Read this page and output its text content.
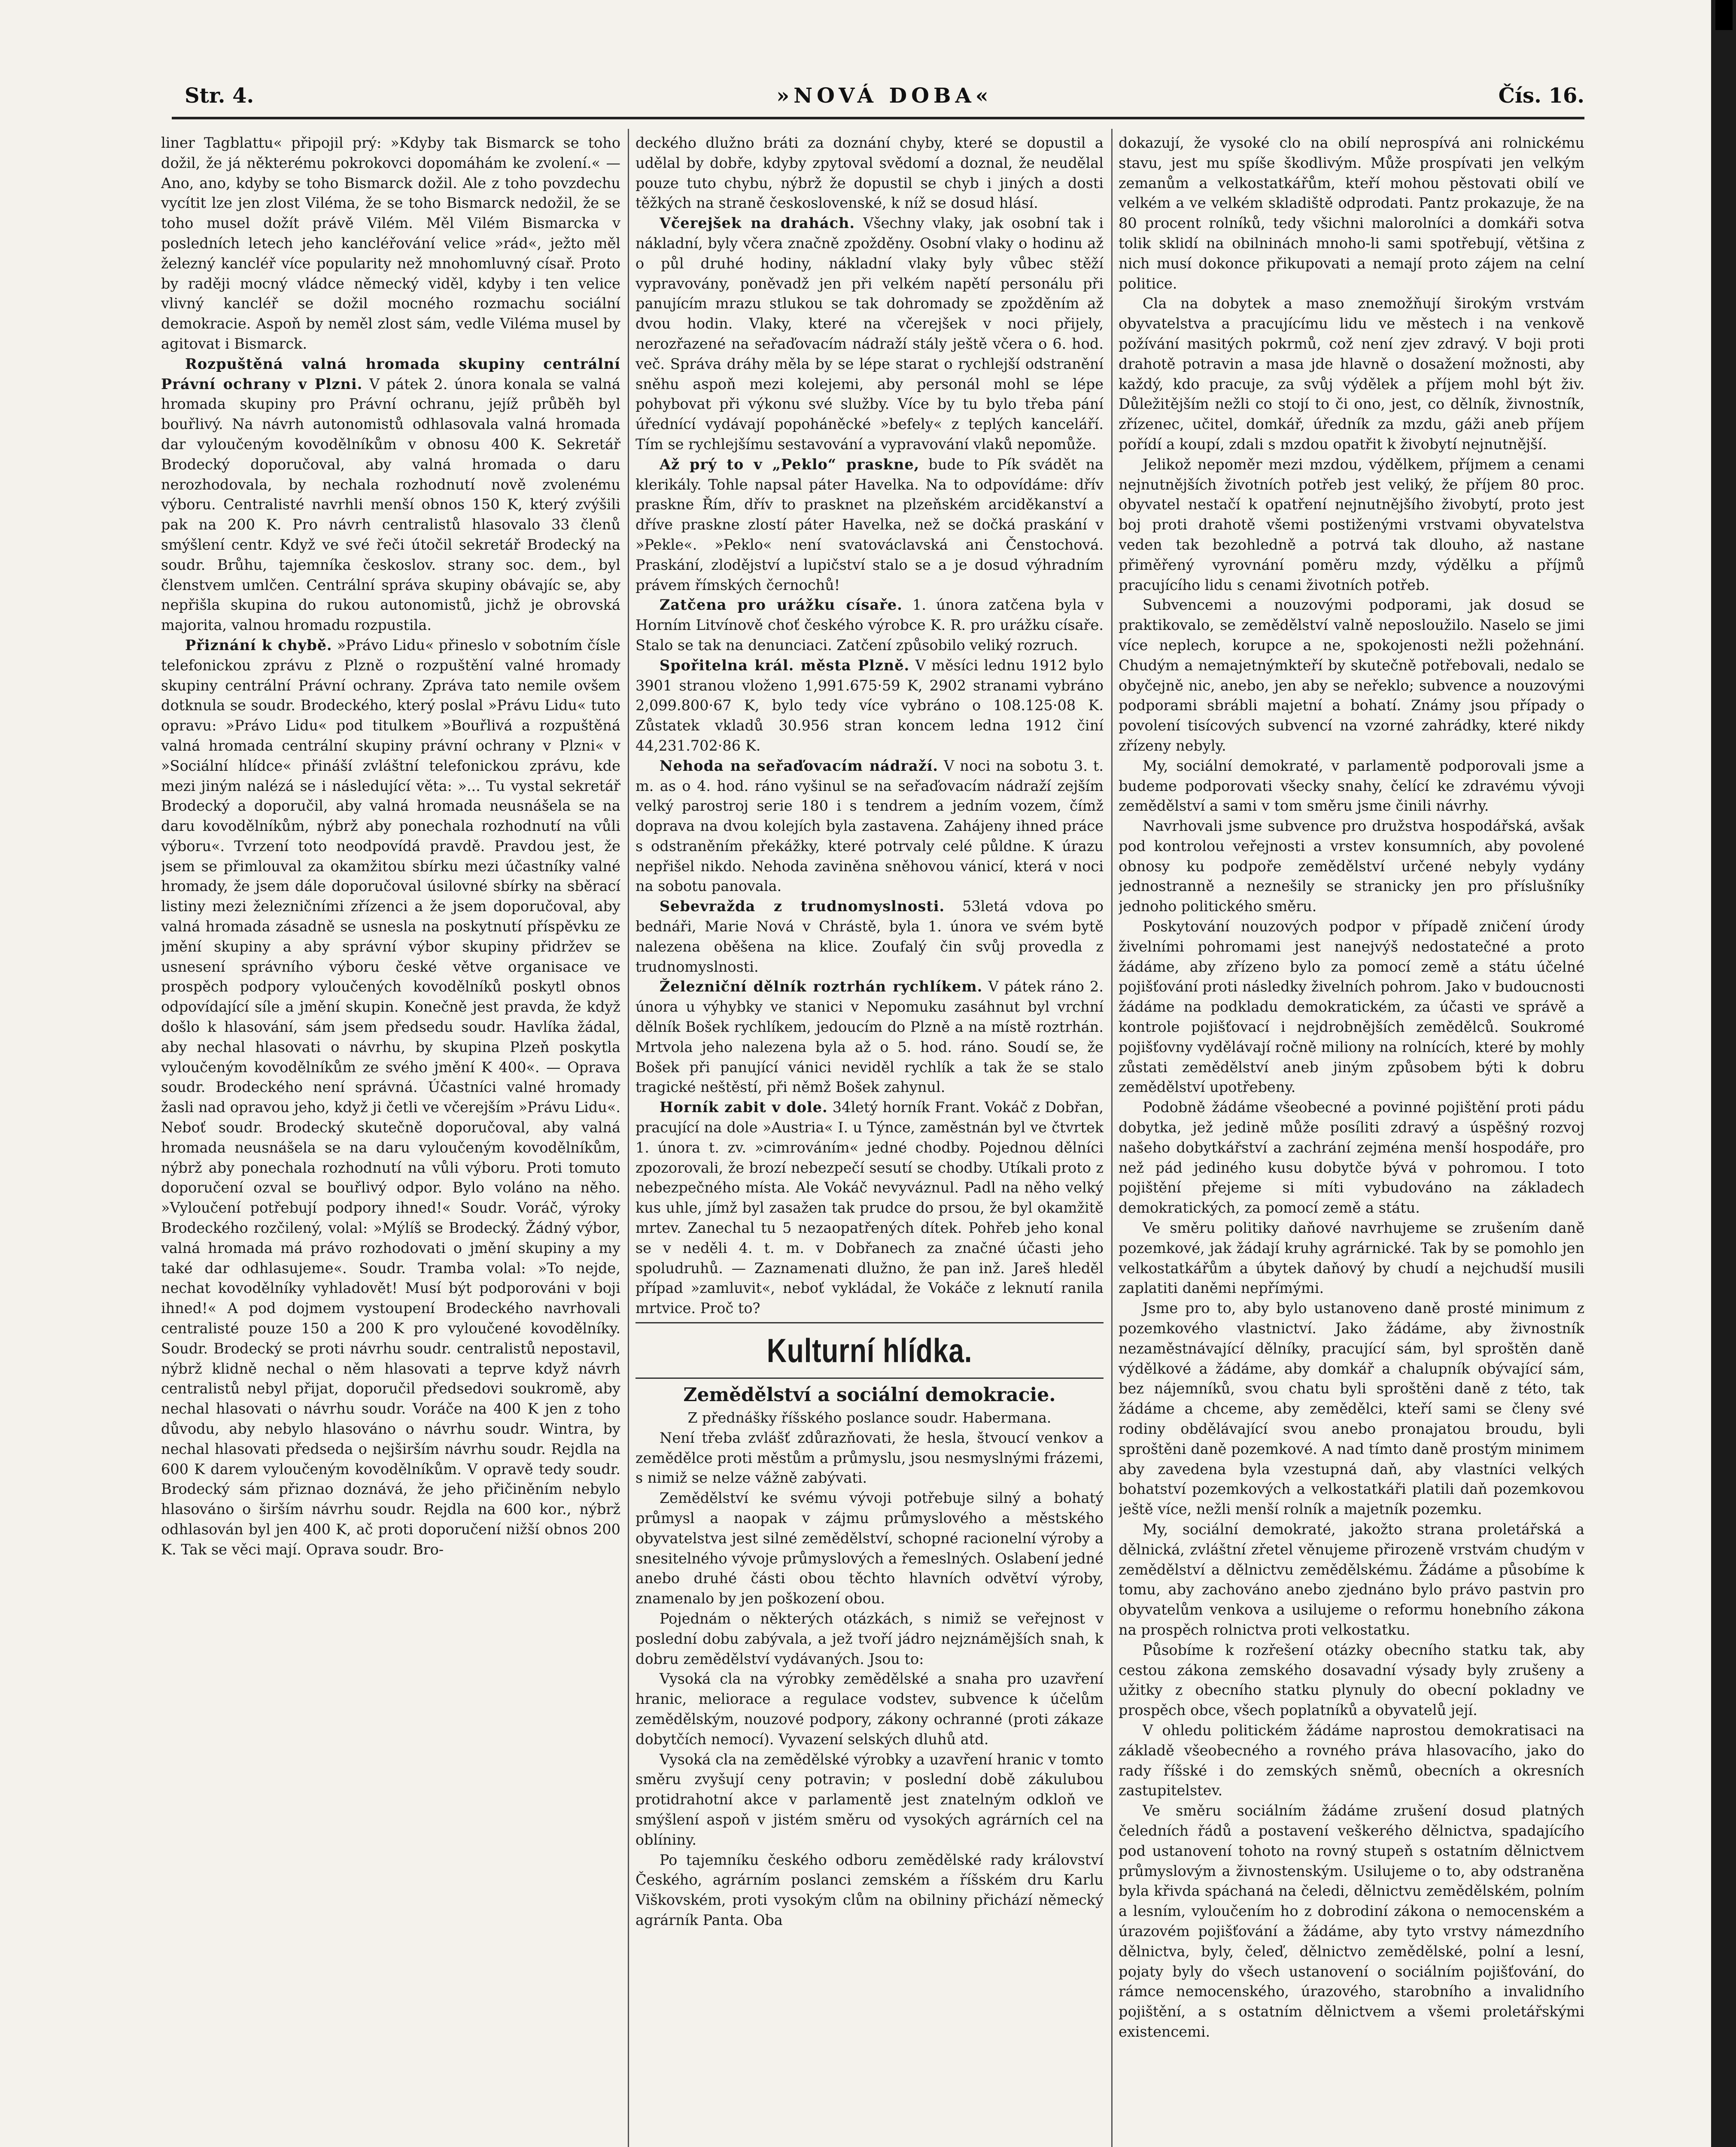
Str. 4.	»NOVÁ DOBA«	Čís. 16.

liner Tagblattu« připojil prý: »Kdyby tak Bismarck se toho dožil, že já některému pokrokovci dopomáhám ke zvolení.« — Ano, ano, kdyby se toho Bismarck dožil. Ale z toho povzdechu vycítit lze jen zlost Viléma, že se toho Bismarck nedožil, že se toho musel dožít právě Vilém. Měl Vilém Bismarcka v posledních letech jeho kancléřování velice »rád«, ježto měl železný kancléř více popularity než mnohomluvný císař. Proto by raději mocný vládce německý viděl, kdyby i ten velice vlivný kancléř se dožil mocného rozmachu sociální demokracie. Aspoň by neměl zlost sám, vedle Viléma musel by agitovat i Bismarck.

Rozpuštěná valná hromada skupiny centrální Právní ochrany v Plzni. V pátek 2. února konala se valná hromada skupiny pro Právní ochranu, jejíž průběh byl bouřlivý. Na návrh autonomistů odhlasovala valná hromada dar vyloučeným kovodělníkům v obnosu 400 K. Sekretář Brodecký doporučoval, aby valná hromada o daru nerozhodovala, by nechala rozhodnutí nově zvolenému výboru. Centralisté navrhli menší obnos 150 K, který zvýšili pak na 200 K. Pro návrh centralistů hlasovalo 33 členů smýšlení centr. Když ve své řeči útočil sekretář Brodecký na soudr. Brůhu, tajemníka českoslov. strany soc. dem., byl členstvem umlčen. Centrální správa skupiny obávajíc se, aby nepřišla skupina do rukou autonomistů, jichž je obrovská majorita, valnou hromadu rozpustila.

Přiznání k chybě. »Právo Lidu« přineslo v sobotním čísle telefonickou zprávu z Plzně o rozpuštění valné hromady skupiny centrální Právní ochrany. Zpráva tato nemile ovšem dotknula se soudr. Brodeckého, který poslal »Právu Lidu« tuto opravu: »Právo Lidu« pod titulkem »Bouřlivá a rozpuštěná valná hromada centrální skupiny právní ochrany v Plzni« v »Sociální hlídce« přináší zvláštní telefonickou zprávu, kde mezi jiným nalézá se i následující věta: »... Tu vystal sekretář Brodecký a doporučil, aby valná hromada neusnášela se na daru kovodělníkům, nýbrž aby ponechala rozhodnutí na vůli výboru«. Tvrzení toto neodpovídá pravdě. Pravdou jest, že jsem se přimlouval za okamžitou sbírku mezi účastníky valné hromady, že jsem dále doporučoval úsilovné sbírky na sběrací listiny mezi železničními zřízenci a že jsem doporučoval, aby valná hromada zásadně se usnesla na poskytnutí příspěvku ze jmění skupiny a aby správní výbor skupiny přidržev se usnesení správního výboru české větve organisace ve prospěch podpory vyloučených kovodělníků poskytl obnos odpovídající síle a jmění skupin. Konečně jest pravda, že když došlo k hlasování, sám jsem předsedu soudr. Havlíka žádal, aby nechal hlasovati o návrhu, by skupina Plzeň poskytla vyloučeným kovodělníkům ze svého jmění K 400«. — Oprava soudr. Brodeckého není správná. Účastníci valné hromady žasli nad opravou jeho, když ji četli ve včerejším »Právu Lidu«. Neboť soudr. Brodecký skutečně doporučoval, aby valná hromada neusnášela se na daru vyloučeným kovodělníkům, nýbrž aby ponechala rozhodnutí na vůli výboru. Proti tomuto doporučení ozval se bouřlivý odpor. Bylo voláno na něho. »Vyloučení potřebují podpory ihned!« Soudr. Voráč, výroky Brodeckého rozčilený, volal: »Mýlíš se Brodecký. Žádný výbor, valná hromada má právo rozhodovati o jmění skupiny a my také dar odhlasujeme«. Soudr. Tramba volal: »To nejde, nechat kovodělníky vyhladovět! Musí být podporováni v boji ihned!« A pod dojmem vystoupení Brodeckého navrhovali centralisté pouze 150 a 200 K pro vyloučené kovodělníky. Soudr. Brodecký se proti návrhu soudr. centralistů nepostavil, nýbrž klidně nechal o něm hlasovati a teprve když návrh centralistů nebyl přijat, doporučil předsedovi soukromě, aby nechal hlasovati o návrhu soudr. Voráče na 400 K jen z toho důvodu, aby nebylo hlasováno o návrhu soudr. Wintra, by nechal hlasovati předseda o nejširším návrhu soudr. Rejdla na 600 K darem vyloučeným kovodělníkům. V opravě tedy soudr. Brodecký sám přiznao doznává, že jeho přičiněním nebylo hlasováno o širším návrhu soudr. Rejdla na 600 kor., nýbrž odhlasován byl jen 400 K, ač proti doporučení nižší obnos 200 K. Tak se věci mají. Oprava soudr. Bro-

deckého dlužno bráti za doznání chyby, které se dopustil a udělal by dobře, kdyby zpytoval svědomí a doznal, že neudělal pouze tuto chybu, nýbrž že dopustil se chyb i jiných a dosti těžkých na straně československé, k níž se dosud hlásí.

Včerejšek na drahách. Všechny vlaky, jak osobní tak i nákladní, byly včera značně zpožděny. Osobní vlaky o hodinu až o půl druhé hodiny, nákladní vlaky byly vůbec stěží vypravovány, poněvadž jen při velkém napětí personálu při panujícím mrazu stlukou se tak dohromady se zpožděním až dvou hodin. Vlaky, které na včerejšek v noci přijely, nerozřazené na seřaďovacím nádraží stály ještě včera o 6. hod. več. Správa dráhy měla by se lépe starat o rychlejší odstranění sněhu aspoň mezi kolejemi, aby personál mohl se lépe pohybovat při výkonu své služby. Více by tu bylo třeba pání úřednící vydávají popoháněcké »befely« z teplých kanceláří. Tím se rychlejšímu sestavování a vypravování vlaků nepomůže.

Až prý to v „Peklo“ praskne, bude to Pík svádět na klerikály. Tohle napsal páter Havelka. Na to odpovídáme: dřív praskne Řím, dřív to prasknet na plzeňském arciděkanství a dříve praskne zlostí páter Havelka, než se dočká praskání v »Pekle«. »Peklo« není svatováclavská ani Čenstochová. Praskání, zlodějství a lupičství stalo se a je dosud výhradním právem římských černochů!

Zatčena pro urážku císaře. 1. února zatčena byla v Horním Litvínově choť českého výrobce K. R. pro urážku císaře. Stalo se tak na denunciaci. Zatčení způsobilo veliký rozruch.

Spořitelna král. města Plzně. V měsíci lednu 1912 bylo 3901 stranou vloženo 1,991.675·59 K, 2902 stranami vybráno 2,099.800·67 K, bylo tedy více vybráno o 108.125·08 K. Zůstatek vkladů 30.956 stran koncem ledna 1912 činí 44,231.702·86 K.

Nehoda na seřaďovacím nádraží. V noci na sobotu 3. t. m. as o 4. hod. ráno vyšinul se na seřaďovacím nádraží zejším velký parostroj serie 180 i s tendrem a jedním vozem, čímž doprava na dvou kolejích byla zastavena. Zahájeny ihned práce s odstraněním překážky, které potrvaly celé půldne. K úrazu nepřišel nikdo. Nehoda zaviněna sněhovou vánicí, která v noci na sobotu panovala.

Sebevražda z trudnomyslnosti. 53letá vdova po bednáři, Marie Nová v Chrástě, byla 1. února ve svém bytě nalezena oběšena na klice. Zoufalý čin svůj provedla z trudnomyslnosti.

Železniční dělník roztrhán rychlíkem. V pátek ráno 2. února u výhybky ve stanici v Nepomuku zasáhnut byl vrchní dělník Bošek rychlíkem, jedoucím do Plzně a na místě roztrhán. Mrtvola jeho nalezena byla až o 5. hod. ráno. Soudí se, že Bošek při panující vánici neviděl rychlík a tak že se stalo tragické neštěstí, při němž Bošek zahynul.

Horník zabit v dole. 34letý horník Frant. Vokáč z Dobřan, pracující na dole »Austria« I. u Týnce, zaměstnán byl ve čtvrtek 1. února t. zv. »cimrováním« jedné chodby. Pojednou dělníci zpozorovali, že brozí nebezpečí sesutí se chodby. Utíkali proto z nebezpečného místa. Ale Vokáč nevyváznul. Padl na něho velký kus uhle, jímž byl zasažen tak prudce do prsou, že byl okamžitě mrtev. Zanechal tu 5 nezaopatřených dítek. Pohřeb jeho konal se v neděli 4. t. m. v Dobřanech za značné účasti jeho spoludruhů. — Zaznamenati dlužno, že pan inž. Jareš hleděl případ »zamluvit«, neboť vykládal, že Vokáče z leknutí ranila mrtvice. Proč to?

Kulturní hlídka.
Zemědělství a sociální demokracie.
Z přednášky říšského poslance soudr. Habermana.

Není třeba zvlášť zdůrazňovati, že hesla, štvoucí venkov a zemědělce proti městům a průmyslu, jsou nesmyslnými frázemi, s nimiž se nelze vážně zabývati.

Zemědělství ke svému vývoji potřebuje silný a bohatý průmysl a naopak v zájmu průmyslového a městského obyvatelstva jest silné zemědělství, schopné racionelní výroby a snesitelného vývoje průmyslových a řemeslných. Oslabení jedné anebo druhé části obou těchto hlavních odvětví výroby, znamenalo by jen poškození obou.

Pojednám o některých otázkách, s nimiž se veřejnost v poslední dobu zabývala, a jež tvoří jádro nejznámějších snah, k dobru zemědělství vydávaných. Jsou to:

Vysoká cla na výrobky zemědělské a snaha pro uzavření hranic, meliorace a regulace vodstev, subvence k účelům zemědělským, nouzové podpory, zákony ochranné (proti zákaze dobytčích nemocí). Vyvazení selských dluhů atd.

Vysoká cla na zemědělské výrobky a uzavření hranic v tomto směru zvyšují ceny potravin; v poslední době zákulubou protidrahotní akce v parlamentě jest znatelným odkloň ve smýšlení aspoň v jistém směru od vysokých agrárních cel na oblíniny.

Po tajemníku českého odboru zemědělské rady království Českého, agrárním poslanci zemském a říšském dru Karlu Viškovském, proti vysokým clům na obilniny přichází německý agrárník Panta. Oba

dokazují, že vysoké clo na obilí neprospívá ani rolnickému stavu, jest mu spíše škodlivým. Může prospívati jen velkým zemanům a velkostatkářům, kteří mohou pěstovati obilí ve velkém a ve velkém skladiště odprodati. Pantz prokazuje, že na 80 procent rolníků, tedy všichni malorolníci a domkáři sotva tolik sklidí na obilninách mnoho-li sami spotřebují, většina z nich musí dokonce přikupovati a nemají proto zájem na celní politice.

Cla na dobytek a maso znemožňují širokým vrstvám obyvatelstva a pracujícímu lidu ve městech i na venkově požívání masitých pokrmů, což není zjev zdravý. V boji proti drahotě potravin a masa jde hlavně o dosažení možnosti, aby každý, kdo pracuje, za svůj výdělek a příjem mohl být živ. Důležitějším nežli co stojí to či ono, jest, co dělník, živnostník, zřízenec, učitel, domkář, úředník za mzdu, gáži aneb příjem pořídí a koupí, zdali s mzdou opatřit k živobytí nejnutnější.

Jelikož nepoměr mezi mzdou, výdělkem, příjmem a cenami nejnutnějších životních potřeb jest veliký, že příjem 80 proc. obyvatel nestačí k opatření nejnutnějšího živobytí, proto jest boj proti drahotě všemi postiženými vrstvami obyvatelstva veden tak bezohledně a potrvá tak dlouho, až nastane přiměřený vyrovnání poměru mzdy, výdělku a příjmů pracujícího lidu s cenami životních potřeb.

Subvencemi a nouzovými podporami, jak dosud se praktikovalo, se zemědělství valně neposloužilo. Naselo se jimi více neplech, korupce a ne, spokojenosti nežli požehnání. Chudým a nemajetnýmkteří by skutečně potřebovali, nedalo se obyčejně nic, anebo, jen aby se neřeklo; subvence a nouzovými podporami sbrábli majetní a bohatí. Známy jsou případy o povolení tisícových subvencí na vzorné zahrádky, které nikdy zřízeny nebyly.

My, sociální demokraté, v parlamentě podporovali jsme a budeme podporovati všecky snahy, čelící ke zdravému vývoji zemědělství a sami v tom směru jsme činili návrhy.

Navrhovali jsme subvence pro družstva hospodářská, avšak pod kontrolou veřejnosti a vrstev konsumních, aby povolené obnosy ku podpoře zemědělství určené nebyly vydány jednostranně a neznešily se stranicky jen pro příslušníky jednoho politického směru.

Poskytování nouzových podpor v případě zničení úrody živelními pohromami jest nanejvýš nedostatečné a proto žádáme, aby zřízeno bylo za pomocí země a státu účelné pojišťování proti následky živelních pohrom. Jako v budoucnosti žádáme na podkladu demokratickém, za účasti ve správě a kontrole pojišťovací i nejdrobnějších zemědělců. Soukromé pojišťovny vydělávají ročně miliony na rolnících, které by mohly zůstati zemědělství aneb jiným způsobem býti k dobru zemědělství upotřebeny.

Podobně žádáme všeobecné a povinné pojištění proti pádu dobytka, jež jedině může posíliti zdravý a úspěšný rozvoj našeho dobytkářství a zachrání zejména menší hospodáře, pro než pád jediného kusu dobytče bývá v pohromou. I toto pojištění přejeme si míti vybudováno na základech demokratických, za pomocí země a státu.

Ve směru politiky daňové navrhujeme se zrušením daně pozemkové, jak žádají kruhy agrárnické. Tak by se pomohlo jen velkostatkářům a úbytek daňový by chudí a nejchudší musili zaplatiti daněmi nepřímými.

Jsme pro to, aby bylo ustanoveno daně prosté minimum z pozemkového vlastnictví. Jako žádáme, aby živnostník nezaměstnávající dělníky, pracující sám, byl sproštěn daně výdělkové a žádáme, aby domkář a chalupník obývající sám, bez nájemníků, svou chatu byli sproštěni daně z této, tak žádáme a chceme, aby zemědělci, kteří sami se členy své rodiny obdělávající svou anebo pronajatou broudu, byli sproštěni daně pozemkové. A nad tímto daně prostým minimem aby zavedena byla vzestupná daň, aby vlastníci velkých bohatství pozemkových a velkostatkáři platili daň pozemkovou ještě více, nežli menší rolník a majetník pozemku.

My, sociální demokraté, jakožto strana proletářská a dělnická, zvláštní zřetel věnujeme přirozeně vrstvám chudým v zemědělství a dělnictvu zemědělskému. Žádáme a působíme k tomu, aby zachováno anebo zjednáno bylo právo pastvin pro obyvatelům venkova a usilujeme o reformu honebního zákona na prospěch rolnictva proti velkostatku.

Působíme k rozřešení otázky obecního statku tak, aby cestou zákona zemského dosavadní výsady byly zrušeny a užitky z obecního statku plynuly do obecní pokladny ve prospěch obce, všech poplatníků a obyvatelů její.

V ohledu politickém žádáme naprostou demokratisaci na základě všeobecného a rovného práva hlasovacího, jako do rady říšské i do zemských sněmů, obecních a okresních zastupitelstev.

Ve směru sociálním žádáme zrušení dosud platných čeledních řádů a postavení veškerého dělnictva, spadajícího pod ustanovení tohoto na rovný stupeň s ostatním dělnictvem průmyslovým a živnostenským. Usilujeme o to, aby odstraněna byla křivda spáchaná na čeledi, dělnictvu zemědělském, polním a lesním, vyloučením ho z dobrodiní zákona o nemocenském a úrazovém pojišťování a žádáme, aby tyto vrstvy námezdního dělnictva, byly, čeleď, dělnictvo zemědělské, polní a lesní, pojaty byly do všech ustanovení o sociálním pojišťování, do rámce nemocenského, úrazového, starobního a invalidního pojištění, a s ostatním dělnictvem a všemi proletářskými existencemi.
